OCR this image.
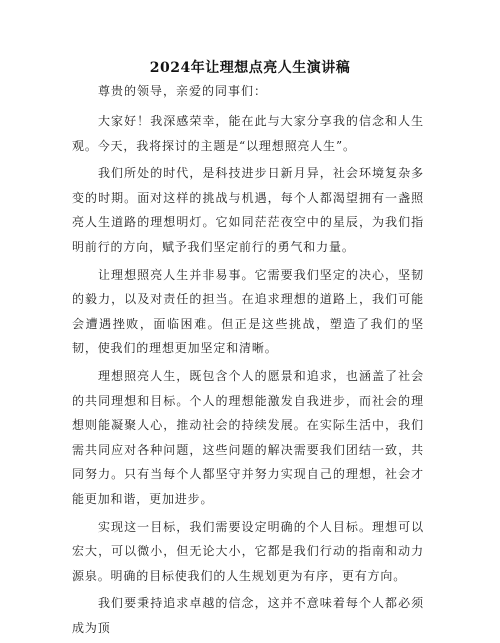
2024年让理想点亮人生演讲稿

尊贵的领导，亲爱的同事们：

大家好！我深感荣幸，能在此与大家分享我的信念和人生观。今天，我将探讨的主题是“以理想照亮人生”。

我们所处的时代，是科技进步日新月异，社会环境复杂多变的时期。面对这样的挑战与机遇，每个人都渴望拥有一盏照亮人生道路的理想明灯。它如同茫茫夜空中的星辰，为我们指明前行的方向，赋予我们坚定前行的勇气和力量。

让理想照亮人生并非易事。它需要我们坚定的决心，坚韧的毅力，以及对责任的担当。在追求理想的道路上，我们可能会遭遇挫败，面临困难。但正是这些挑战，塑造了我们的坚韧，使我们的理想更加坚定和清晰。

理想照亮人生，既包含个人的愿景和追求，也涵盖了社会的共同理想和目标。个人的理想能激发自我进步，而社会的理想则能凝聚人心，推动社会的持续发展。在实际生活中，我们需共同应对各种问题，这些问题的解决需要我们团结一致，共同努力。只有当每个人都坚守并努力实现自己的理想，社会才能更加和谐，更加进步。

实现这一目标，我们需要设定明确的个人目标。理想可以宏大，可以微小，但无论大小，它都是我们行动的指南和动力源泉。明确的目标使我们的人生规划更为有序，更有方向。

我们要秉持追求卓越的信念，这并不意味着每个人都必须成为顶
